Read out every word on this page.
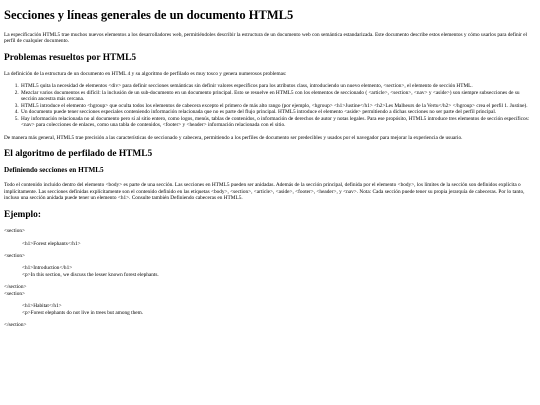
Secciones y líneas generales de un documento HTML5

La especificación HTML5 trae muchos nuevos elementos a los desarrolladores web, permitiéndoles describir la estructura de un documento web con semántica estandarizada. Este documento describe estos elementos y cómo usarlos para definir el perfil de cualquier documento.

Problemas resueltos por HTML5

La definición de la estructura de un documento en HTML 4 y su algoritmo de perfilado es muy tosco y genera numerosos problemas:

1. HTML5 quita la necesidad de elementos <div> para definir secciones semánticas sin definir valores específicos para los atributos class, introduciendo un nuevo elemento, <section>, el elemento de sección HTML.
2. Mezclar varios documentos es difícil: la inclusión de un sub-documento en un documento principal. Esto se resuelve en HTML5 con los elementos de seccionado ( <article>, <section>, <nav> y <aside>) son siempre subsecciones de su sección ancestra más cercana.
3. HTML5 introduce el elemento <hgroup> que oculta todos los elementos de cabecera excepto el primero de más alto rango (por ejemplo, <hgroup> <h1>Justine</h1> <h2>Les Malheurs de la Vertu</h2> </hgroup> crea el perfil 1. Justine).
4. Un documento puede tener secciones especiales conteniendo información relacionada que no es parte del flujo principal. HTML5 introduce el elemento <aside> permitiendo a dichas secciones no ser parte del perfil principal.
5. Hay información relacionada no al documento pero sí al sitio entero, como logos, menús, tablas de contenidos, o información de derechos de autor y notas legales. Para ese propósito, HTML5 introduce tres elementos de sección específicos: <nav> para colecciones de enlaces, como una tabla de contenidos, <footer> y <header> información relacionada con el sitio.

De manera más general, HTML5 trae precisión a las características de seccionado y cabecera, permitiendo a los perfiles de documento ser predecibles y usados por el navegador para mejorar la experiencia de usuario.

El algoritmo de perfilado de HTML5
Definiendo secciones en HTML5

Todo el contenido incluido dentro del elemento <body> es parte de una sección. Las secciones en HTML5 pueden ser anidadas. Además de la sección principal, definida por el elemento <body>, los límites de la sección son definidos explícita o implícitamente. Las secciones definidas explícitamente son el contenido definido en las etiquetas <body>, <section>, <article>, <aside>, <footer>, <header>, y <nav>. Nota: Cada sección puede tener su propia jerarquía de cabeceras. Por lo tanto, incluso una sección anidada puede tener un elemento <h1>. Consulte también Definiendo cabeceras en HTML5.

Ejemplo:
<section>
<h1>Forest elephants</h1>
<section>
<h1>Introduction</h1>
<p>In this section, we discuss the lesser known forest elephants.
</section>
<section>
<h1>Habitat</h1>
<p>Forest elephants do not live in trees but among them.
</section>
